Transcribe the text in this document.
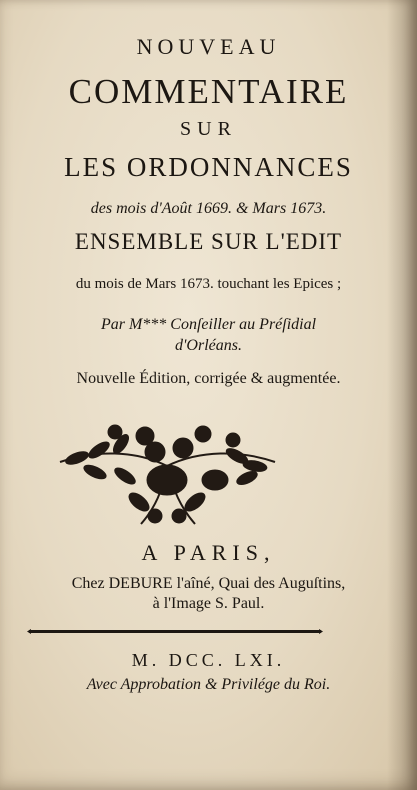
NOUVEAU
COMMENTAIRE
SUR
LES ORDONNANCES
des mois d'Août 1669. & Mars 1673.
ENSEMBLE SUR L'EDIT
du mois de Mars 1673. touchant les Epices ;
Par M*** Conſeiller au Préſidial
d'Orléans.
Nouvelle Édition, corrigée & augmentée.
A PARIS,
Chez DEBURE l'aîné, Quai des Auguſtins,
à l'Image S. Paul.
M. DCC. LXI.
Avec Approbation & Privilége du Roi.
